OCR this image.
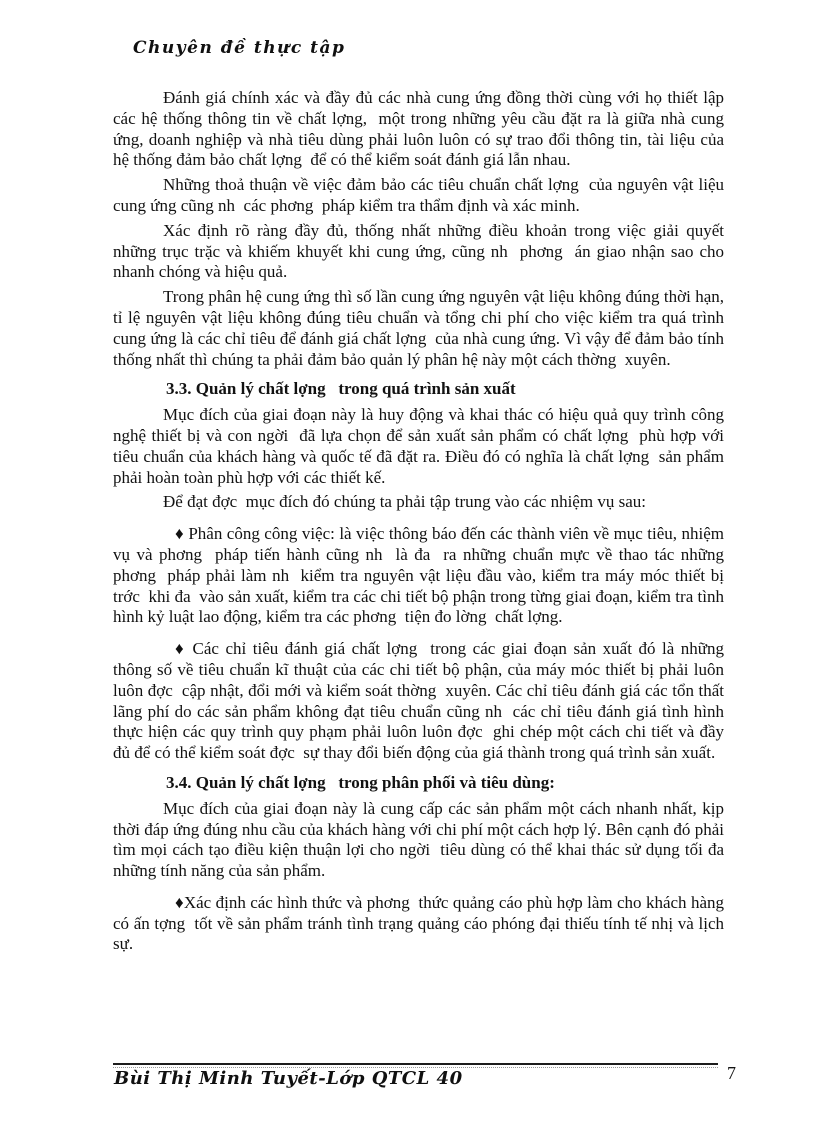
Chuyên đề thực tập

Đánh giá chính xác và đầy đủ các nhà cung ứng đồng thời cùng với họ thiết lập các hệ thống thông tin về chất lợng,  một trong những yêu cầu đặt ra là giữa nhà cung ứng, doanh nghiệp và nhà tiêu dùng phải luôn luôn có sự trao đổi thông tin, tài liệu của hệ thống đảm bảo chất lợng  để có thể kiểm soát đánh giá lẫn nhau.

Những thoả thuận về việc đảm bảo các tiêu chuẩn chất lợng  của nguyên vật liệu cung ứng cũng nh  các phơng  pháp kiểm tra thẩm định và xác minh.

Xác định rõ ràng đầy đủ, thống nhất những điều khoản trong việc giải quyết những trục trặc và khiếm khuyết khi cung ứng, cũng nh  phơng  án giao nhận sao cho nhanh chóng và hiệu quả.

Trong phân hệ cung ứng thì số lần cung ứng nguyên vật liệu không đúng thời hạn, tỉ lệ nguyên vật liệu không đúng tiêu chuẩn và tổng chi phí cho việc kiểm tra quá trình cung ứng là các chỉ tiêu để đánh giá chất lợng  của nhà cung ứng. Vì vậy để đảm bảo tính thống nhất thì chúng ta phải đảm bảo quản lý phân hệ này một cách thờng  xuyên.

3.3. Quản lý chất lợng   trong quá trình sản xuất

Mục đích của giai đoạn này là huy động và khai thác có hiệu quả quy trình công nghệ thiết bị và con ngời  đã lựa chọn để sản xuất sản phẩm có chất lợng  phù hợp với tiêu chuẩn của khách hàng và quốc tế đã đặt ra. Điều đó có nghĩa là chất lợng  sản phẩm phải hoàn toàn phù hợp với các thiết kế.

Để đạt đợc  mục đích đó chúng ta phải tập trung vào các nhiệm vụ sau:

♦ Phân công công việc: là việc thông báo đến các thành viên về mục tiêu, nhiệm vụ và phơng  pháp tiến hành cũng nh  là đa  ra những chuẩn mực về thao tác những phơng  pháp phải làm nh  kiểm tra nguyên vật liệu đầu vào, kiểm tra máy móc thiết bị trớc  khi đa  vào sản xuất, kiểm tra các chi tiết bộ phận trong từng giai đoạn, kiểm tra tình hình kỷ luật lao động, kiểm tra các phơng  tiện đo lờng  chất lợng.

♦ Các chỉ tiêu đánh giá chất lợng  trong các giai đoạn sản xuất đó là những thông số về tiêu chuẩn kĩ thuật của các chi tiết bộ phận, của máy móc thiết bị phải luôn luôn đợc  cập nhật, đổi mới và kiểm soát thờng  xuyên. Các chỉ tiêu đánh giá các tổn thất lãng phí do các sản phẩm không đạt tiêu chuẩn cũng nh  các chỉ tiêu đánh giá tình hình thực hiện các quy trình quy phạm phải luôn luôn đợc  ghi chép một cách chi tiết và đầy đủ để có thể kiểm soát đợc  sự thay đổi biến động của giá thành trong quá trình sản xuất.

3.4. Quản lý chất lợng   trong phân phối và tiêu dùng:

Mục đích của giai đoạn này là cung cấp các sản phẩm một cách nhanh nhất, kịp thời đáp ứng đúng nhu cầu của khách hàng với chi phí một cách hợp lý. Bên cạnh đó phải tìm mọi cách tạo điều kiện thuận lợi cho ngời  tiêu dùng có thể khai thác sử dụng tối đa những tính năng của sản phẩm.

♦Xác định các hình thức và phơng  thức quảng cáo phù hợp làm cho khách hàng có ấn tợng  tốt về sản phẩm tránh tình trạng quảng cáo phóng đại thiếu tính tế nhị và lịch sự.

Bùi Thị Minh Tuyết-Lớp QTCL 40	7
